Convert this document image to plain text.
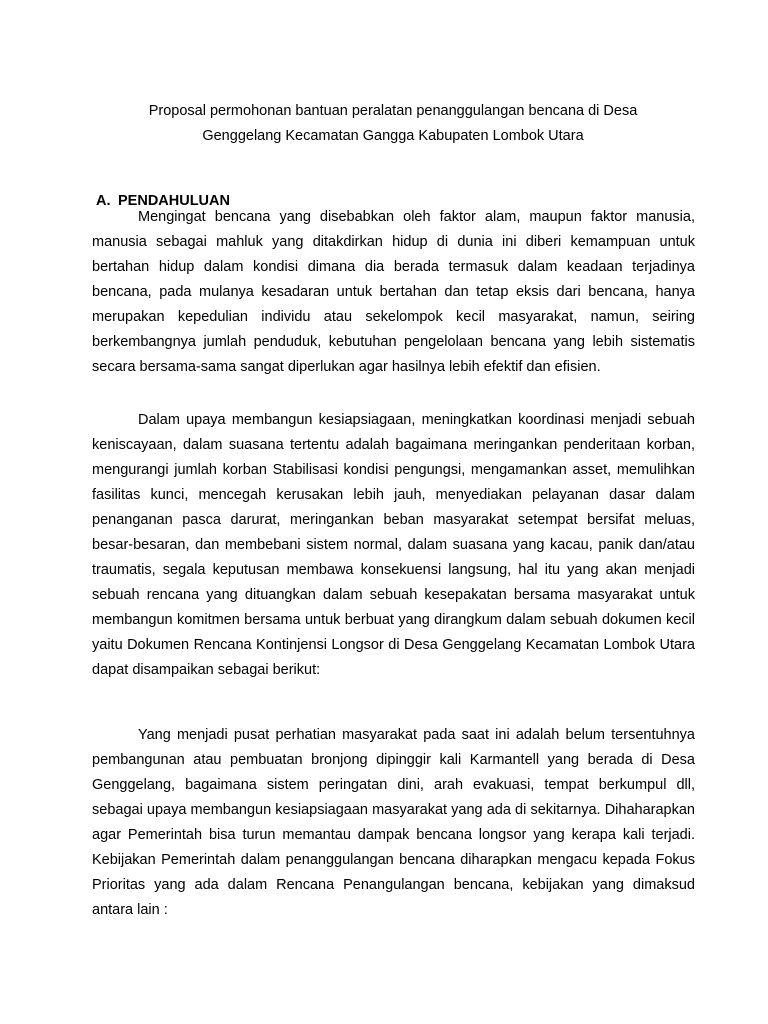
Proposal permohonan bantuan peralatan penanggulangan bencana di Desa
Genggelang Kecamatan Gangga Kabupaten Lombok Utara
A. PENDAHULUAN

Mengingat bencana yang disebabkan oleh faktor alam, maupun faktor manusia, manusia sebagai mahluk yang ditakdirkan hidup di dunia ini diberi kemampuan untuk bertahan hidup dalam kondisi dimana dia berada termasuk dalam keadaan terjadinya bencana, pada mulanya kesadaran untuk bertahan dan tetap eksis dari bencana, hanya merupakan kepedulian individu atau sekelompok kecil masyarakat, namun, seiring berkembangnya jumlah penduduk, kebutuhan pengelolaan bencana yang lebih sistematis secara bersama-sama sangat diperlukan agar hasilnya lebih efektif dan efisien.

Dalam upaya membangun kesiapsiagaan, meningkatkan koordinasi menjadi sebuah keniscayaan, dalam suasana tertentu adalah bagaimana meringankan penderitaan korban, mengurangi jumlah korban Stabilisasi kondisi pengungsi, mengamankan asset, memulihkan fasilitas kunci, mencegah kerusakan lebih jauh, menyediakan pelayanan dasar dalam penanganan pasca darurat, meringankan beban masyarakat setempat bersifat meluas, besar-besaran, dan membebani sistem normal, dalam suasana yang kacau, panik dan/atau traumatis, segala keputusan membawa konsekuensi langsung, hal itu yang akan menjadi sebuah rencana yang dituangkan dalam sebuah kesepakatan bersama masyarakat untuk membangun komitmen bersama untuk berbuat yang dirangkum dalam sebuah dokumen kecil yaitu Dokumen Rencana Kontinjensi Longsor di Desa Genggelang Kecamatan Lombok Utara dapat disampaikan sebagai berikut:

Yang menjadi pusat perhatian masyarakat pada saat ini adalah belum tersentuhnya pembangunan atau pembuatan bronjong dipinggir kali Karmantell yang berada di Desa Genggelang, bagaimana sistem peringatan dini, arah evakuasi, tempat berkumpul dll, sebagai upaya membangun kesiapsiagaan masyarakat yang ada di sekitarnya. Dihaharapkan agar Pemerintah bisa turun memantau dampak bencana longsor yang kerapa kali terjadi. Kebijakan Pemerintah dalam penanggulangan bencana diharapkan mengacu kepada Fokus Prioritas yang ada dalam Rencana Penangulangan bencana, kebijakan yang dimaksud antara lain :
